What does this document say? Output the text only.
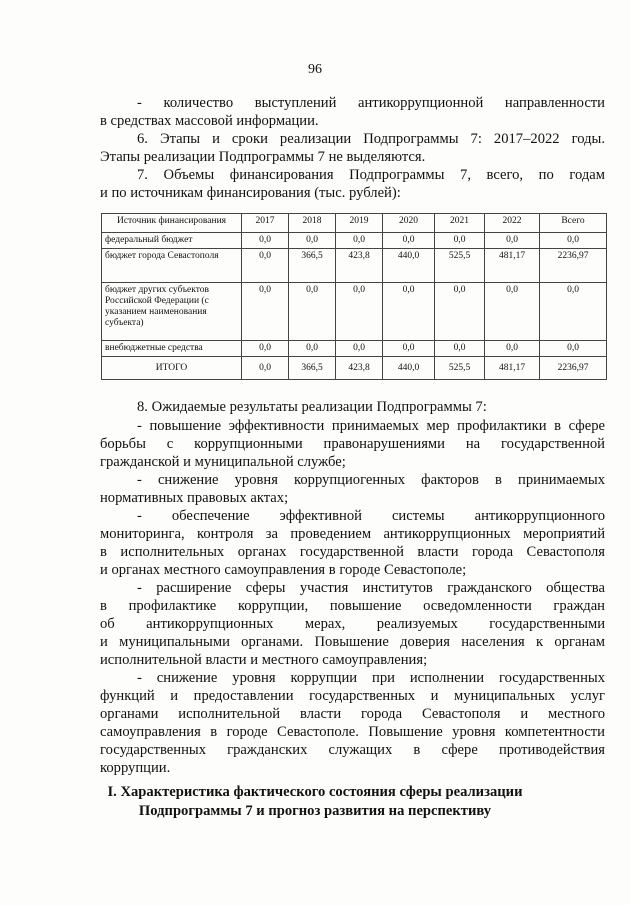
96
- количество выступлений антикоррупционной направленности
в средствах массовой информации.
6. Этапы и сроки реализации Подпрограммы 7: 2017–2022 годы.
Этапы реализации Подпрограммы 7 не выделяются.
7. Объемы финансирования Подпрограммы 7, всего, по годам
и по источникам финансирования (тыс. рублей):
Источник финансирования	2017	2018	2019	2020	2021	2022	Всего
федеральный бюджет	0,0	0,0	0,0	0,0	0,0	0,0	0,0
бюджет города Севастополя	0,0	366,5	423,8	440,0	525,5	481,17	2236,97
бюджет других субъектов Российской Федерации (с указанием наименования субъекта)	0,0	0,0	0,0	0,0	0,0	0,0	0,0
внебюджетные средства	0,0	0,0	0,0	0,0	0,0	0,0	0,0
ИТОГО	0,0	366,5	423,8	440,0	525,5	481,17	2236,97
8. Ожидаемые результаты реализации Подпрограммы 7:
- повышение эффективности принимаемых мер профилактики в сфере
борьбы с коррупционными правонарушениями на государственной
гражданской и муниципальной службе;
- снижение уровня коррупциогенных факторов в принимаемых
нормативных правовых актах;
- обеспечение эффективной системы антикоррупционного
мониторинга, контроля за проведением антикоррупционных мероприятий
в исполнительных органах государственной власти города Севастополя
и органах местного самоуправления в городе Севастополе;
- расширение сферы участия институтов гражданского общества
в профилактике коррупции, повышение осведомленности граждан
об антикоррупционных мерах, реализуемых государственными
и муниципальными органами. Повышение доверия населения к органам
исполнительной власти и местного самоуправления;
- снижение уровня коррупции при исполнении государственных
функций и предоставлении государственных и муниципальных услуг
органами исполнительной власти города Севастополя и местного
самоуправления в городе Севастополе. Повышение уровня компетентности
государственных гражданских служащих в сфере противодействия
коррупции.
I. Характеристика фактического состояния сферы реализации
Подпрограммы 7 и прогноз развития на перспективу
